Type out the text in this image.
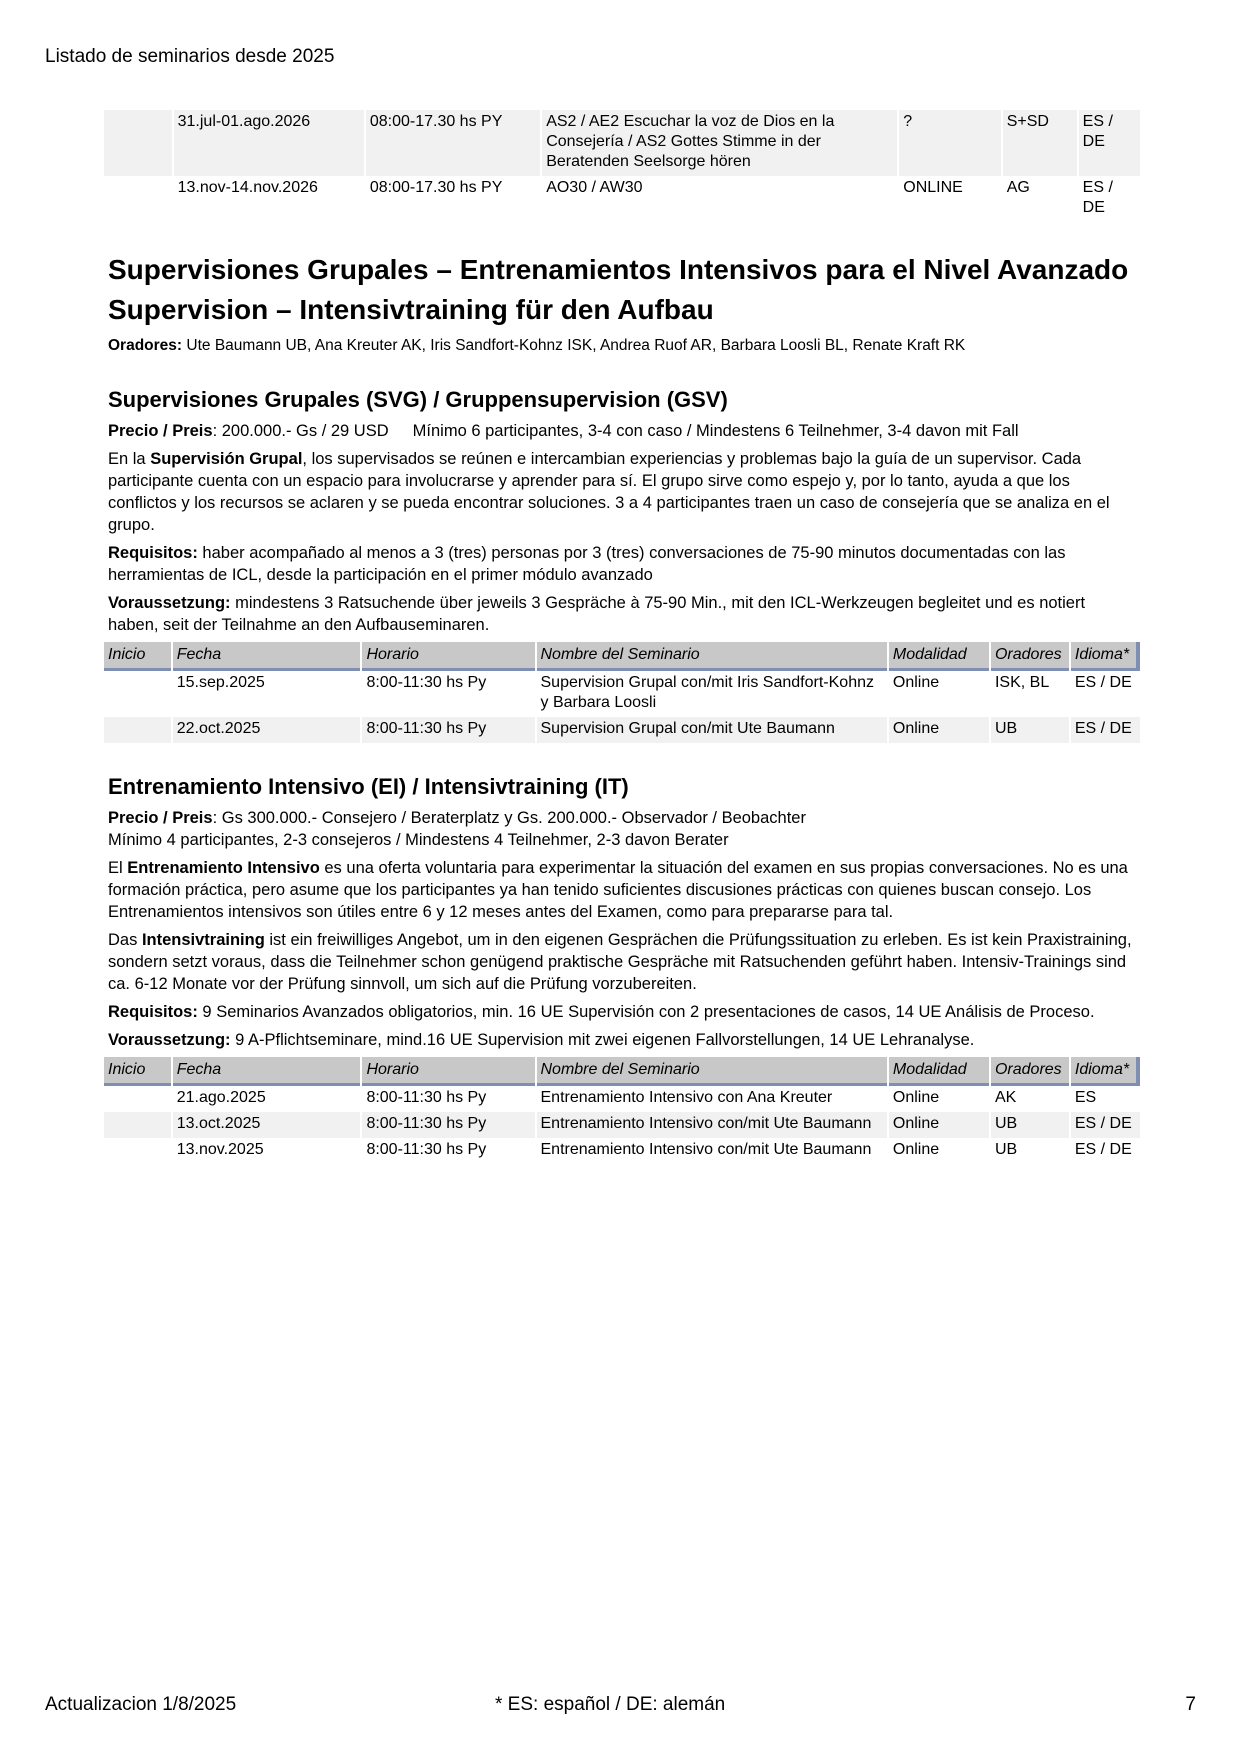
Listado de seminarios desde 2025
	31.jul-01.ago.2026	08:00-17.30 hs PY	AS2 / AE2 Escuchar la voz de Dios en la Consejería / AS2 Gottes Stimme in der Beratenden Seelsorge hören	?	S+SD	ES / DE
	13.nov-14.nov.2026	08:00-17.30 hs PY	AO30 / AW30	ONLINE	AG	ES / DE
Supervisiones Grupales – Entrenamientos Intensivos para el Nivel Avanzado
Supervision – Intensivtraining für den Aufbau

Oradores: Ute Baumann UB, Ana Kreuter AK, Iris Sandfort-Kohnz ISK, Andrea Ruof AR, Barbara Loosli BL, Renate Kraft RK

Supervisiones Grupales (SVG) / Gruppensupervision (GSV)

Precio / Preis: 200.000.- Gs / 29 USD Mínimo 6 participantes, 3-4 con caso / Mindestens 6 Teilnehmer, 3-4 davon mit Fall

En la Supervisión Grupal, los supervisados se reúnen e intercambian experiencias y problemas bajo la guía de un supervisor. Cada participante cuenta con un espacio para involucrarse y aprender para sí. El grupo sirve como espejo y, por lo tanto, ayuda a que los conflictos y los recursos se aclaren y se pueda encontrar soluciones. 3 a 4 participantes traen un caso de consejería que se analiza en el grupo.

Requisitos: haber acompañado al menos a 3 (tres) personas por 3 (tres) conversaciones de 75-90 minutos documentadas con las herramientas de ICL, desde la participación en el primer módulo avanzado

Voraussetzung: mindestens 3 Ratsuchende über jeweils 3 Gespräche à 75-90 Min., mit den ICL-Werkzeugen begleitet und es notiert haben, seit der Teilnahme an den Aufbauseminaren.

Inicio	Fecha	Horario	Nombre del Seminario	Modalidad	Oradores	Idioma*
	15.sep.2025	8:00-11:30 hs Py	Supervision Grupal con/mit Iris Sandfort-Kohnz y Barbara Loosli	Online	ISK, BL	ES / DE
	22.oct.2025	8:00-11:30 hs Py	Supervision Grupal con/mit Ute Baumann	Online	UB	ES / DE
Entrenamiento Intensivo (EI) / Intensivtraining (IT)

Precio / Preis: Gs 300.000.- Consejero / Beraterplatz y Gs. 200.000.- Observador / Beobachter
Mínimo 4 participantes, 2-3 consejeros / Mindestens 4 Teilnehmer, 2-3 davon Berater

El Entrenamiento Intensivo es una oferta voluntaria para experimentar la situación del examen en sus propias conversaciones. No es una formación práctica, pero asume que los participantes ya han tenido suficientes discusiones prácticas con quienes buscan consejo. Los Entrenamientos intensivos son útiles entre 6 y 12 meses antes del Examen, como para prepararse para tal.

Das Intensivtraining ist ein freiwilliges Angebot, um in den eigenen Gesprächen die Prüfungssituation zu erleben. Es ist kein Praxistraining, sondern setzt voraus, dass die Teilnehmer schon genügend praktische Gespräche mit Ratsuchenden geführt haben. Intensiv-Trainings sind ca. 6-12 Monate vor der Prüfung sinnvoll, um sich auf die Prüfung vorzubereiten.

Requisitos: 9 Seminarios Avanzados obligatorios, min. 16 UE Supervisión con 2 presentaciones de casos, 14 UE Análisis de Proceso.

Voraussetzung: 9 A-Pflichtseminare, mind.16 UE Supervision mit zwei eigenen Fallvorstellungen, 14 UE Lehranalyse.

Inicio	Fecha	Horario	Nombre del Seminario	Modalidad	Oradores	Idioma*
	21.ago.2025	8:00-11:30 hs Py	Entrenamiento Intensivo con Ana Kreuter	Online	AK	ES
	13.oct.2025	8:00-11:30 hs Py	Entrenamiento Intensivo con/mit Ute Baumann	Online	UB	ES / DE
	13.nov.2025	8:00-11:30 hs Py	Entrenamiento Intensivo con/mit Ute Baumann	Online	UB	ES / DE
Actualizacion 1/8/2025	* ES: español / DE: alemán	7
